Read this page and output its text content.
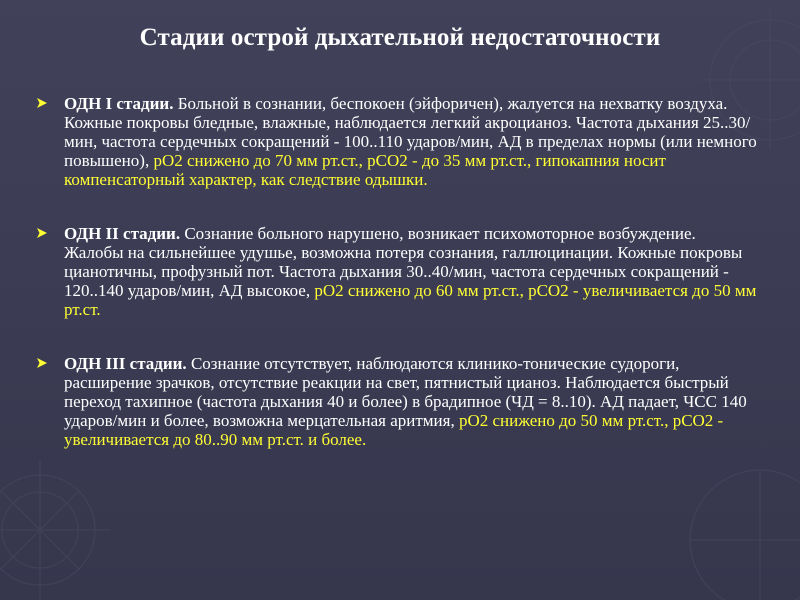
Стадии острой дыхательной недостаточности
ОДН I стадии. Больной в сознании, беспокоен (эйфоричен), жалуется на нехватку воздуха. Кожные покровы бледные, влажные, наблюдается легкий акроцианоз. Частота дыхания 25..30/мин, частота сердечных сокращений - 100..110 ударов/мин, АД в пределах нормы (или немного повышено), рО2 снижено до 70 мм рт.ст., рСО2 - до 35 мм рт.ст., гипокапния носит компенсаторный характер, как следствие одышки.
ОДН II стадии. Сознание больного нарушено, возникает психомоторное возбуждение. Жалобы на сильнейшее удушье, возможна потеря сознания, галлюцинации. Кожные покровы цианотичны, профузный пот. Частота дыхания 30..40/мин, частота сердечных сокращений - 120..140 ударов/мин, АД высокое, рО2 снижено до 60 мм рт.ст., рСО2 - увеличивается до 50 мм рт.ст.
ОДН III стадии. Сознание отсутствует, наблюдаются клинико-тонические судороги, расширение зрачков, отсутствие реакции на свет, пятнистый цианоз. Наблюдается быстрый переход тахипное (частота дыхания 40 и более) в брадипное (ЧД = 8..10). АД падает, ЧСС 140 ударов/мин и более, возможна мерцательная аритмия, рО2 снижено до 50 мм рт.ст., рСО2 - увеличивается до 80..90 мм рт.ст. и более.
